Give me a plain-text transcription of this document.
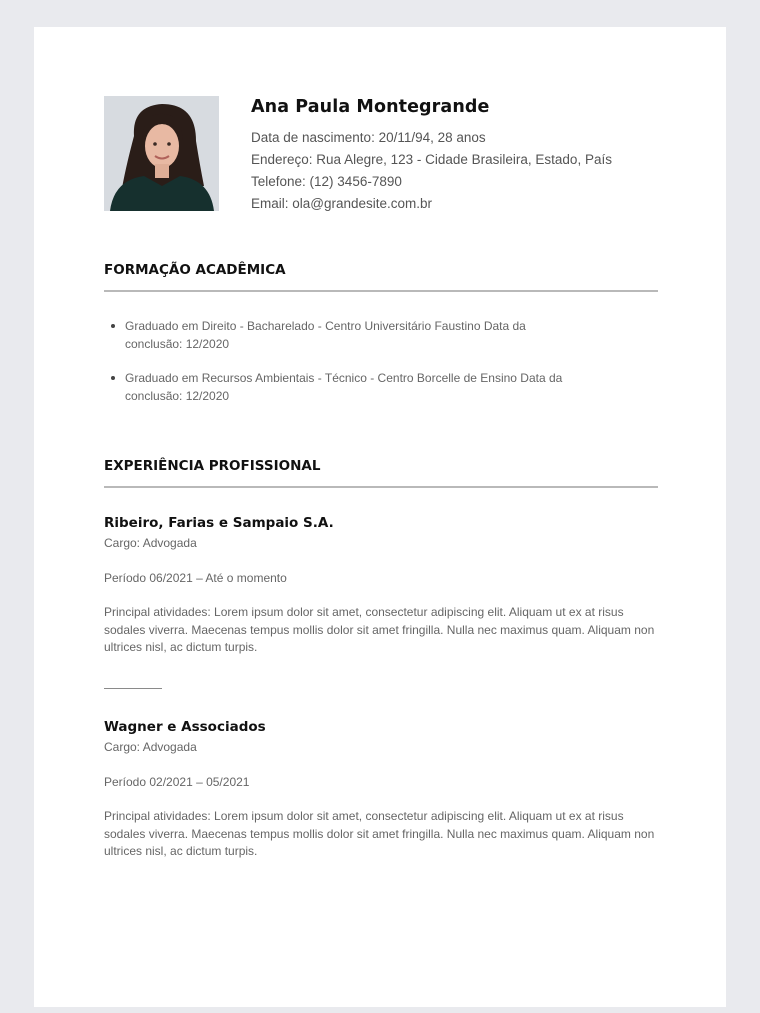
Ana Paula Montegrande
Data de nascimento: 20/11/94, 28 anos
Endereço: Rua Alegre, 123 - Cidade Brasileira, Estado, País
Telefone: (12) 3456-7890
Email: ola@grandesite.com.br
FORMAÇÃO ACADÊMICA
Graduado em Direito - Bacharelado - Centro Universitário Faustino Data da conclusão: 12/2020
Graduado em Recursos Ambientais - Técnico - Centro Borcelle de Ensino Data da conclusão: 12/2020
EXPERIÊNCIA PROFISSIONAL

Ribeiro, Farias e Sampaio S.A.

Cargo: Advogada

Período 06/2021 – Até o momento

Principal atividades: Lorem ipsum dolor sit amet, consectetur adipiscing elit. Aliquam ut ex at risus sodales viverra. Maecenas tempus mollis dolor sit amet fringilla. Nulla nec maximus quam. Aliquam non ultrices nisl, ac dictum turpis.

Wagner e Associados

Cargo: Advogada

Período 02/2021 – 05/2021

Principal atividades: Lorem ipsum dolor sit amet, consectetur adipiscing elit. Aliquam ut ex at risus sodales viverra. Maecenas tempus mollis dolor sit amet fringilla. Nulla nec maximus quam. Aliquam non ultrices nisl, ac dictum turpis.
